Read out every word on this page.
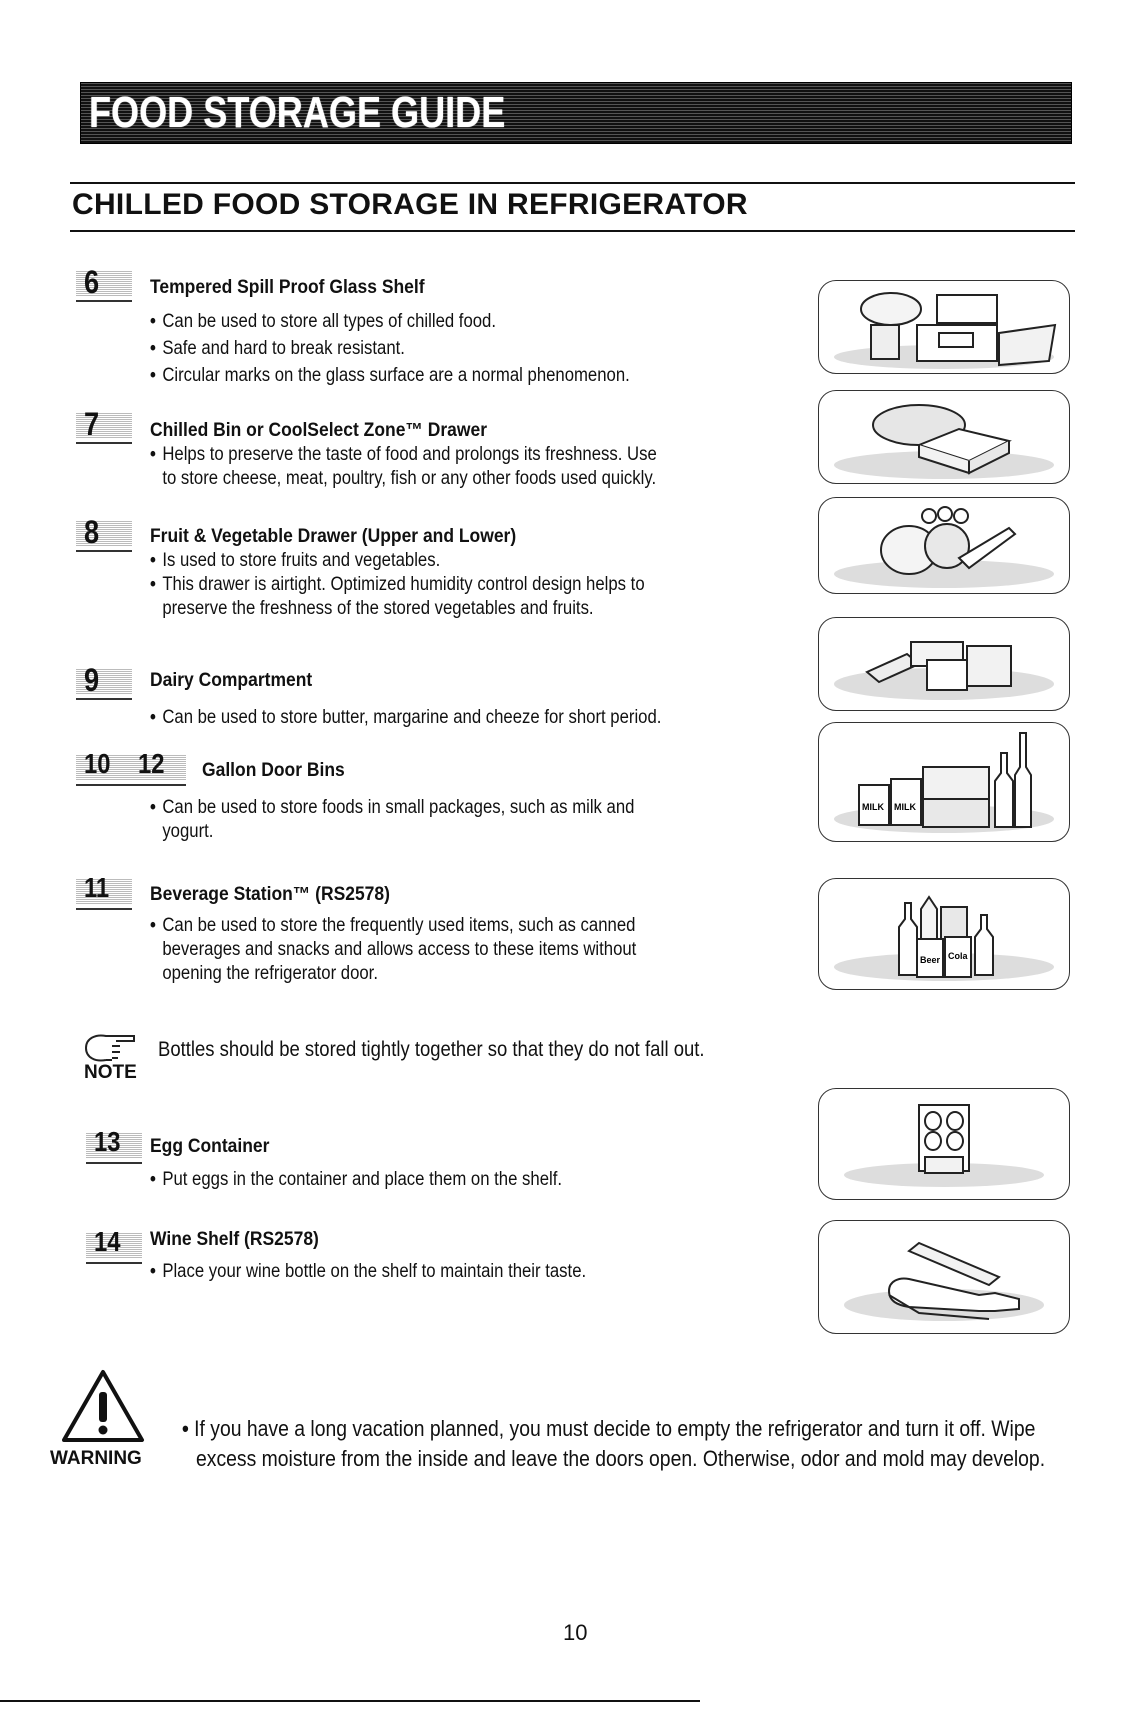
FOOD STORAGE GUIDE
CHILLED FOOD STORAGE IN REFRIGERATOR
6	Tempered Spill Proof Glass Shelf
• Can be used to store all types of chilled food.
• Safe and hard to break resistant.
• Circular marks on the glass surface are a normal phenomenon.
7	Chilled Bin or CoolSelect Zone™ Drawer
• Helps to preserve the taste of food and prolongs its freshness. Use
to store cheese, meat, poultry, fish or any other foods used quickly.
8	Fruit & Vegetable Drawer (Upper and Lower)
• Is used to store fruits and vegetables.
• This drawer is airtight. Optimized humidity control design helps to
preserve the freshness of the stored vegetables and fruits.
9	Dairy Compartment
• Can be used to store butter, margarine and cheeze for short period.
10 12 Gallon Door Bins
• Can be used to store foods in small packages, such as milk and
yogurt.
11 Beverage Station™ (RS2578)
• Can be used to store the frequently used items, such as canned
beverages and snacks and allows access to these items without
opening the refrigerator door.
NOTE
Bottles should be stored tightly together so that they do not fall out.
13 Egg Container
• Put eggs in the container and place them on the shelf.
14 Wine Shelf (RS2578)
• Place your wine bottle on the shelf to maintain their taste.
MILK MILK
Beer Cola
WARNING
• If you have a long vacation planned, you must decide to empty the refrigerator and turn it off. Wipe
excess moisture from the inside and leave the doors open. Otherwise, odor and mold may develop.
10
